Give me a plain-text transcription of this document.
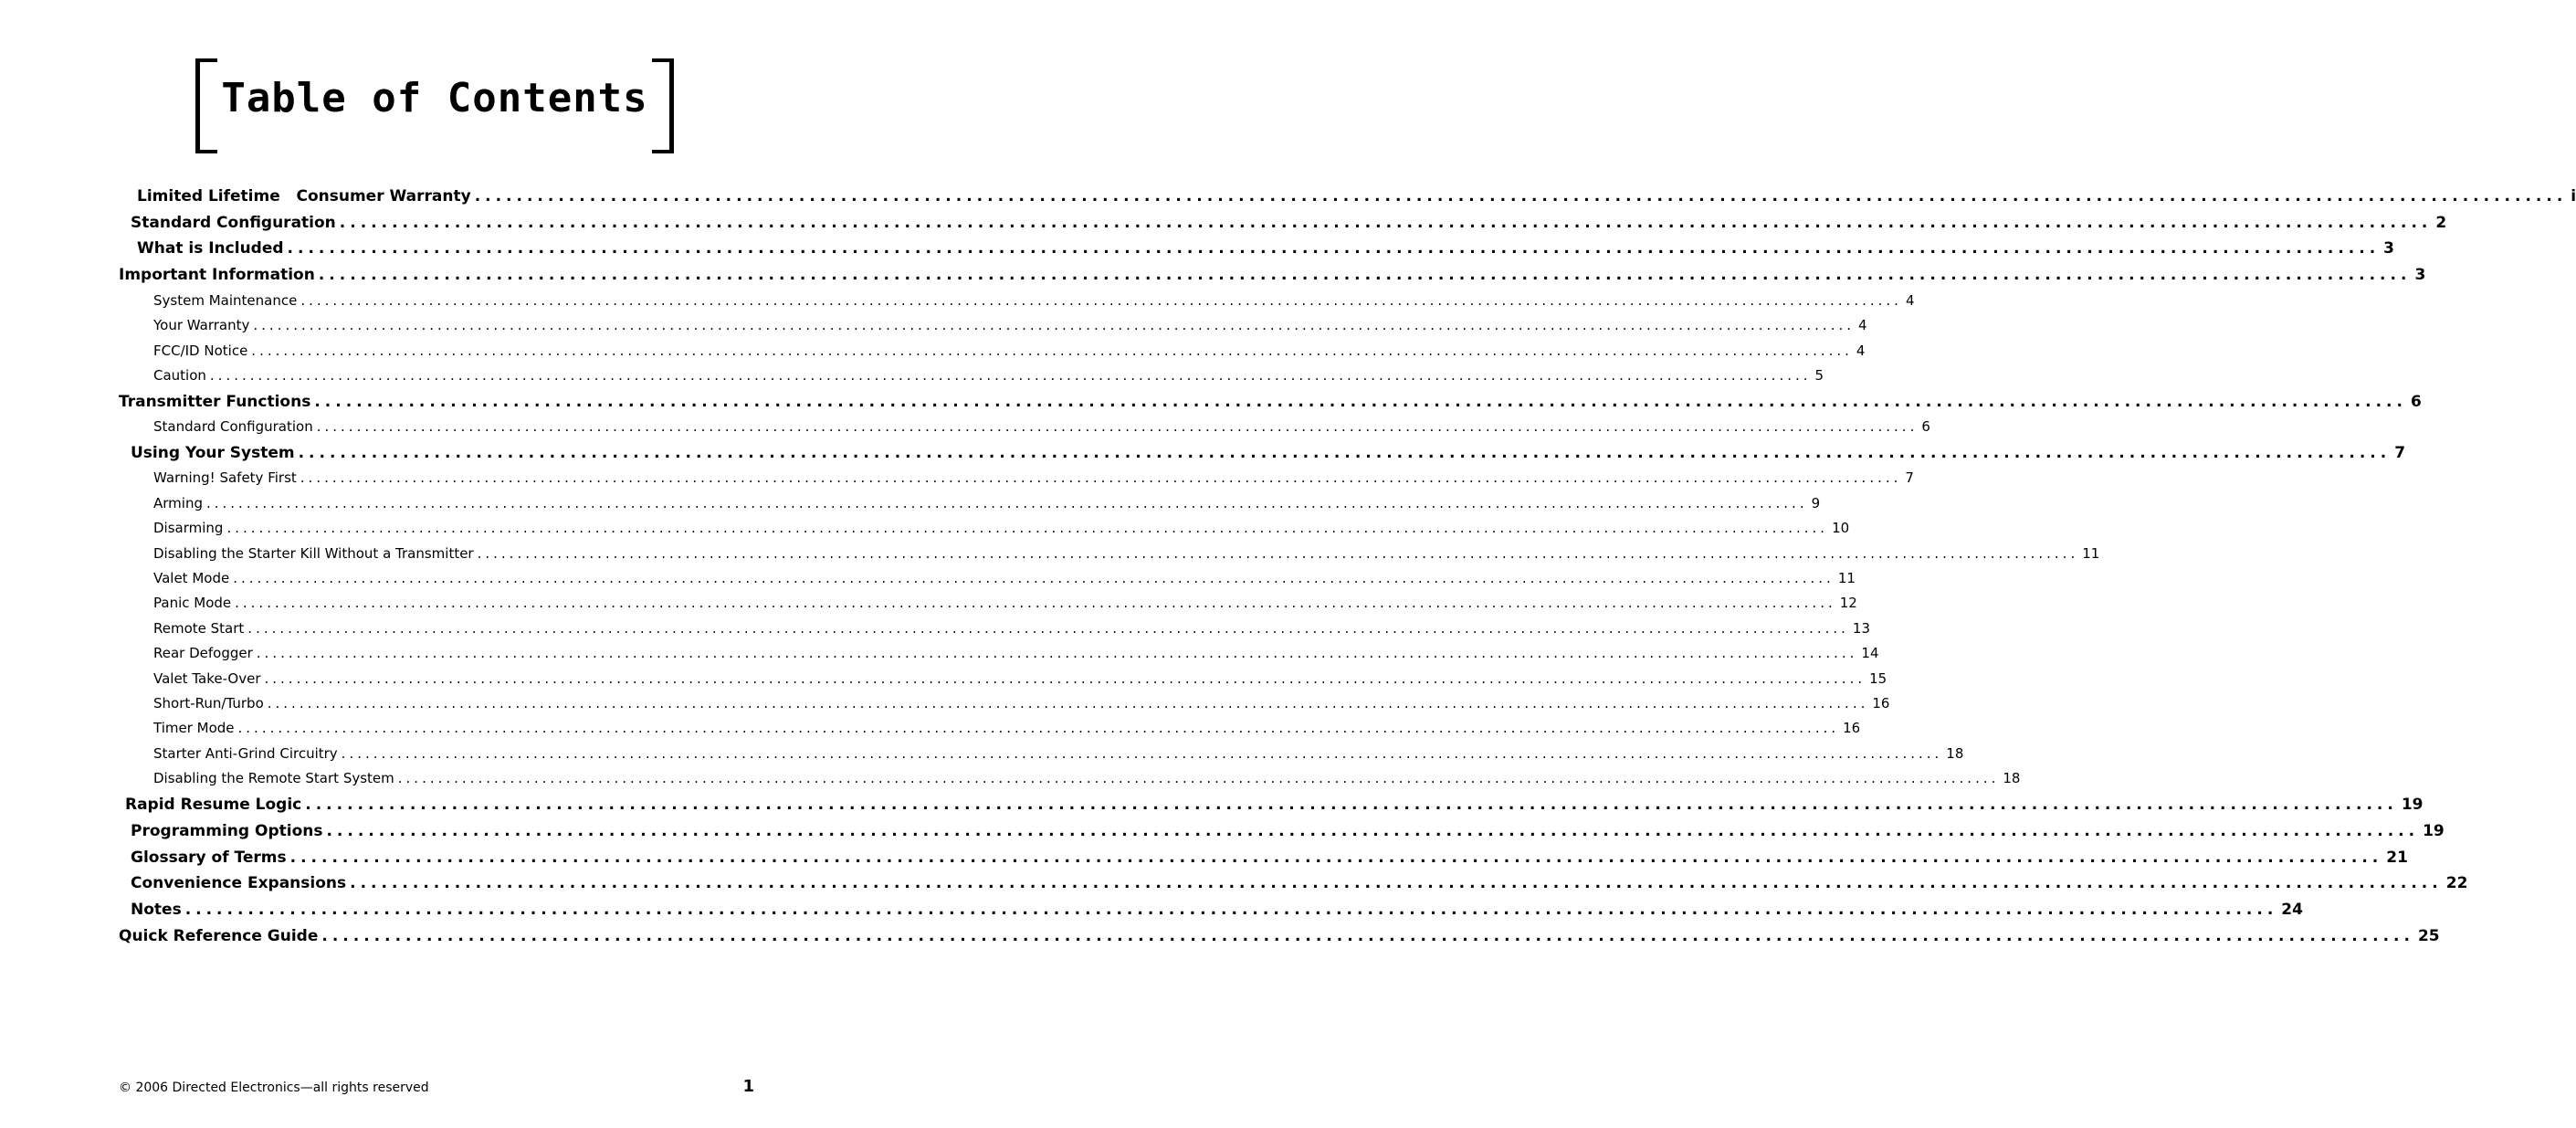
Table of Contents
Limited Lifetime   Consumer Warranty ........................................................................................................................................................................................................ i
Standard Configuration ........................................................................................................................................................................................................ 2
What is Included ........................................................................................................................................................................................................ 3
Important Information ........................................................................................................................................................................................................ 3
System Maintenance ........................................................................................................................................................................................................ 4
Your Warranty ........................................................................................................................................................................................................ 4
FCC/ID Notice ........................................................................................................................................................................................................ 4
Caution ........................................................................................................................................................................................................ 5
Transmitter Functions ........................................................................................................................................................................................................ 6
Standard Configuration ........................................................................................................................................................................................................ 6
Using Your System ........................................................................................................................................................................................................ 7
Warning! Safety First ........................................................................................................................................................................................................ 7
Arming ........................................................................................................................................................................................................ 9
Disarming ........................................................................................................................................................................................................ 10
Disabling the Starter Kill Without a Transmitter ........................................................................................................................................................................................................ 11
Valet Mode ........................................................................................................................................................................................................ 11
Panic Mode ........................................................................................................................................................................................................ 12
Remote Start ........................................................................................................................................................................................................ 13
Rear Defogger ........................................................................................................................................................................................................ 14
Valet Take-Over ........................................................................................................................................................................................................ 15
Short-Run/Turbo ........................................................................................................................................................................................................ 16
Timer Mode ........................................................................................................................................................................................................ 16
Starter Anti-Grind Circuitry ........................................................................................................................................................................................................ 18
Disabling the Remote Start System ........................................................................................................................................................................................................ 18
Rapid Resume Logic ........................................................................................................................................................................................................ 19
Programming Options ........................................................................................................................................................................................................ 19
Glossary of Terms ........................................................................................................................................................................................................ 21
Convenience Expansions ........................................................................................................................................................................................................ 22
Notes ........................................................................................................................................................................................................ 24
Quick Reference Guide ........................................................................................................................................................................................................ 25
© 2006 Directed Electronics—all rights reserved	1
